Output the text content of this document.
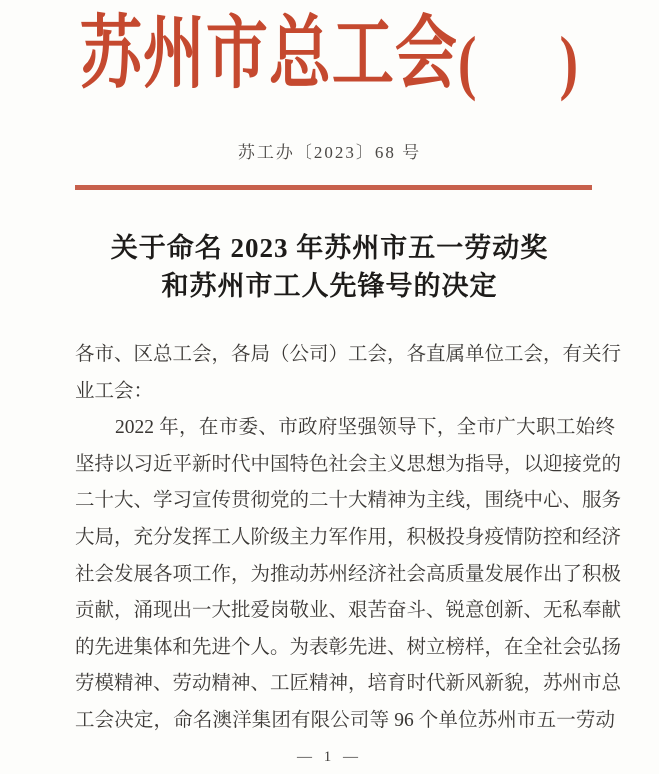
苏州市总工会( )
苏工办〔2023〕68 号
关于命名 2023 年苏州市五一劳动奖
和苏州市工人先锋号的决定
各市、区总工会，各局（公司）工会，各直属单位工会，有关行
业工会：
2022 年，在市委、市政府坚强领导下，全市广大职工始终
坚持以习近平新时代中国特色社会主义思想为指导，以迎接党的
二十大、学习宣传贯彻党的二十大精神为主线，围绕中心、服务
大局，充分发挥工人阶级主力军作用，积极投身疫情防控和经济
社会发展各项工作，为推动苏州经济社会高质量发展作出了积极
贡献，涌现出一大批爱岗敬业、艰苦奋斗、锐意创新、无私奉献
的先进集体和先进个人。为表彰先进、树立榜样，在全社会弘扬
劳模精神、劳动精神、工匠精神，培育时代新风新貌，苏州市总
工会决定，命名澳洋集团有限公司等 96 个单位苏州市五一劳动
— 1 —
